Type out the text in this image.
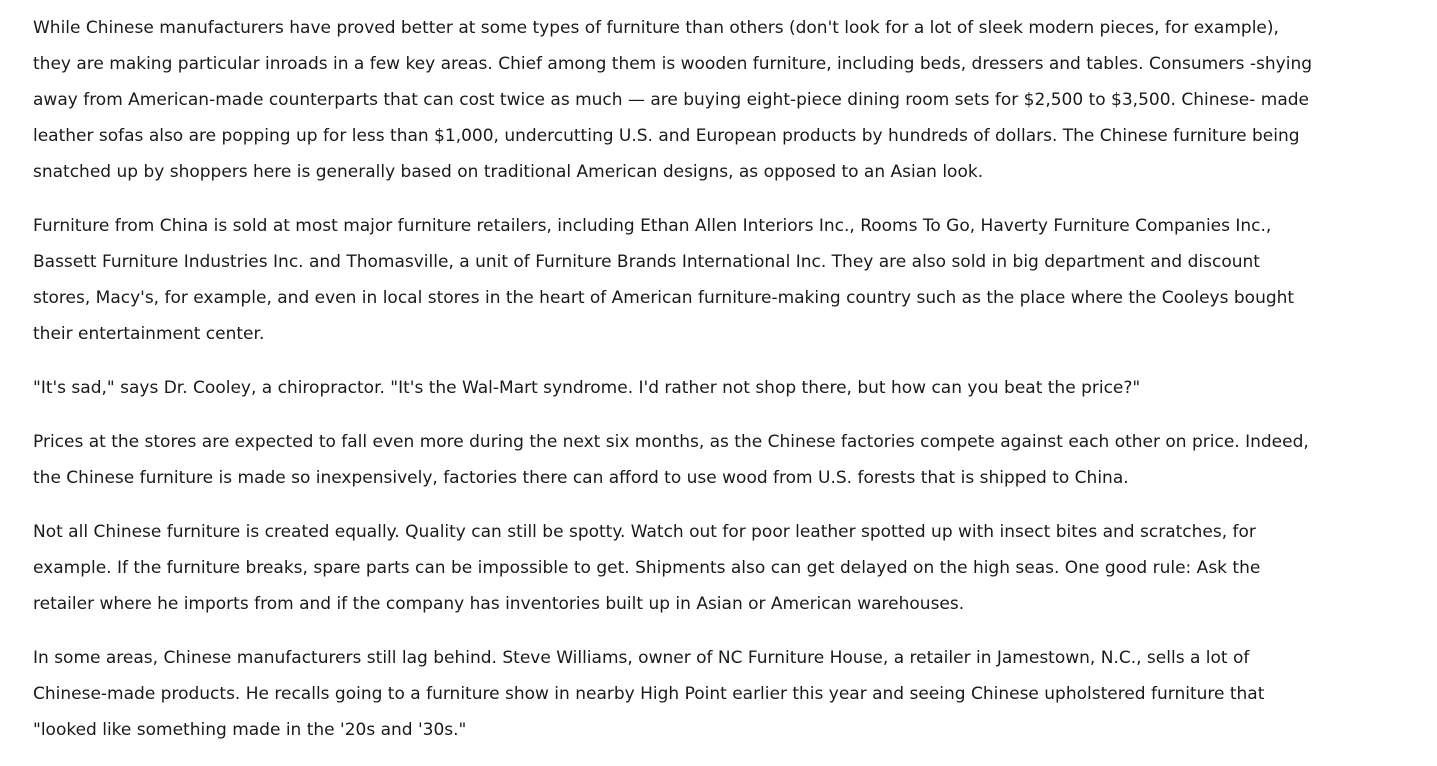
While Chinese manufacturers have proved better at some types of furniture than others (don't look for a lot of sleek modern pieces, for example),
they are making particular inroads in a few key areas. Chief among them is wooden furniture, including beds, dressers and tables. Consumers -shying
away from American-made counterparts that can cost twice as much — are buying eight-piece dining room sets for $2,500 to $3,500. Chinese- made
leather sofas also are popping up for less than $1,000, undercutting U.S. and European products by hundreds of dollars. The Chinese furniture being
snatched up by shoppers here is generally based on traditional American designs, as opposed to an Asian look.

Furniture from China is sold at most major furniture retailers, including Ethan Allen Interiors Inc., Rooms To Go, Haverty Furniture Companies Inc.,
Bassett Furniture Industries Inc. and Thomasville, a unit of Furniture Brands International Inc. They are also sold in big department and discount
stores, Macy's, for example, and even in local stores in the heart of American furniture-making country such as the place where the Cooleys bought
their entertainment center.

"It's sad," says Dr. Cooley, a chiropractor. "It's the Wal-Mart syndrome. I'd rather not shop there, but how can you beat the price?"

Prices at the stores are expected to fall even more during the next six months, as the Chinese factories compete against each other on price. Indeed,
the Chinese furniture is made so inexpensively, factories there can afford to use wood from U.S. forests that is shipped to China.

Not all Chinese furniture is created equally. Quality can still be spotty. Watch out for poor leather spotted up with insect bites and scratches, for
example. If the furniture breaks, spare parts can be impossible to get. Shipments also can get delayed on the high seas. One good rule: Ask the
retailer where he imports from and if the company has inventories built up in Asian or American warehouses.

In some areas, Chinese manufacturers still lag behind. Steve Williams, owner of NC Furniture House, a retailer in Jamestown, N.C., sells a lot of
Chinese-made products. He recalls going to a furniture show in nearby High Point earlier this year and seeing Chinese upholstered furniture that
"looked like something made in the '20s and '30s."
